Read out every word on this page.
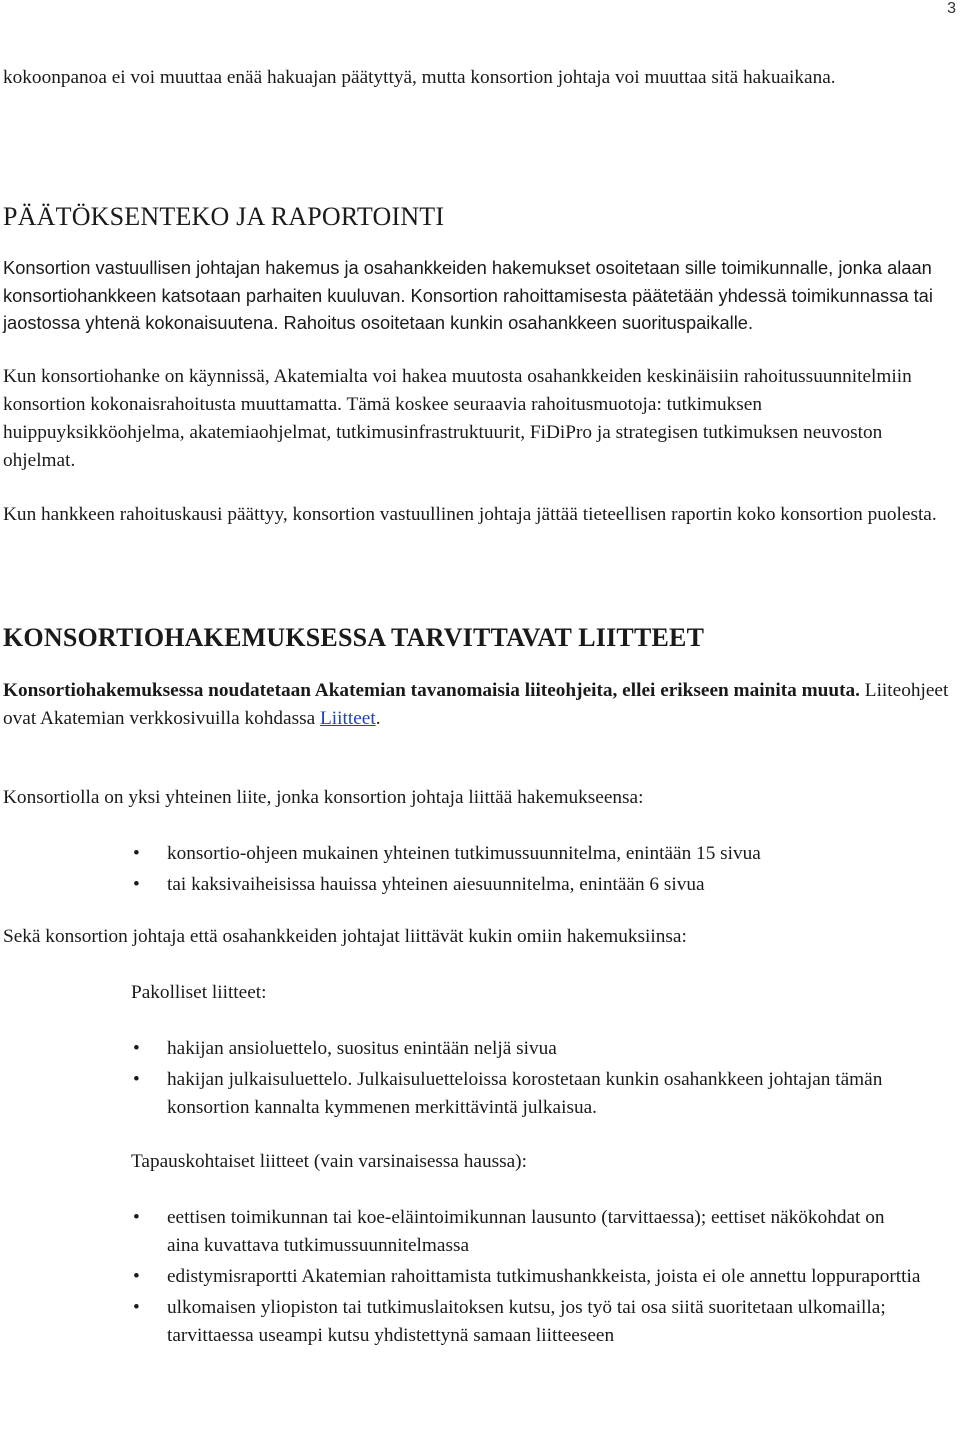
3

kokoonpanoa ei voi muuttaa enää hakuajan päätyttyä, mutta konsortion johtaja voi muuttaa sitä hakuaikana.

PÄÄTÖKSENTEKO JA RAPORTOINTI

Konsortion vastuullisen johtajan hakemus ja osahankkeiden hakemukset osoitetaan sille toimikunnalle, jonka alaan konsortiohankkeen katsotaan parhaiten kuuluvan. Konsortion rahoittamisesta päätetään yhdessä toimikunnassa tai jaostossa yhtenä kokonaisuutena. Rahoitus osoitetaan kunkin osahankkeen suorituspaikalle.

Kun konsortiohanke on käynnissä, Akatemialta voi hakea muutosta osahankkeiden keskinäisiin rahoitussuunnitelmiin konsortion kokonaisrahoitusta muuttamatta. Tämä koskee seuraavia rahoitusmuotoja: tutkimuksen huippuyksikköohjelma, akatemiaohjelmat, tutkimusinfrastruktuurit, FiDiPro ja strategisen tutkimuksen neuvoston ohjelmat.

Kun hankkeen rahoituskausi päättyy, konsortion vastuullinen johtaja jättää tieteellisen raportin koko konsortion puolesta.

KONSORTIOHAKEMUKSESSA TARVITTAVAT LIITTEET

Konsortiohakemuksessa noudatetaan Akatemian tavanomaisia liiteohjeita, ellei erikseen mainita muuta. Liiteohjeet ovat Akatemian verkkosivuilla kohdassa Liitteet.

Konsortiolla on yksi yhteinen liite, jonka konsortion johtaja liittää hakemukseensa:

• konsortio-ohjeen mukainen yhteinen tutkimussuunnitelma, enintään 15 sivua
• tai kaksivaiheisissa hauissa yhteinen aiesuunnitelma, enintään 6 sivua

Sekä konsortion johtaja että osahankkeiden johtajat liittävät kukin omiin hakemuksiinsa:

Pakolliset liitteet:

• hakijan ansioluettelo, suositus enintään neljä sivua
• hakijan julkaisuluettelo. Julkaisuluetteloissa korostetaan kunkin osahankkeen johtajan tämän konsortion kannalta kymmenen merkittävintä julkaisua.

Tapauskohtaiset liitteet (vain varsinaisessa haussa):

• eettisen toimikunnan tai koe-eläintoimikunnan lausunto (tarvittaessa); eettiset näkökohdat on aina kuvattava tutkimussuunnitelmassa
• edistymisraportti Akatemian rahoittamista tutkimushankkeista, joista ei ole annettu loppuraporttia
• ulkomaisen yliopiston tai tutkimuslaitoksen kutsu, jos työ tai osa siitä suoritetaan ulkomailla; tarvittaessa useampi kutsu yhdistettynä samaan liitteeseen
